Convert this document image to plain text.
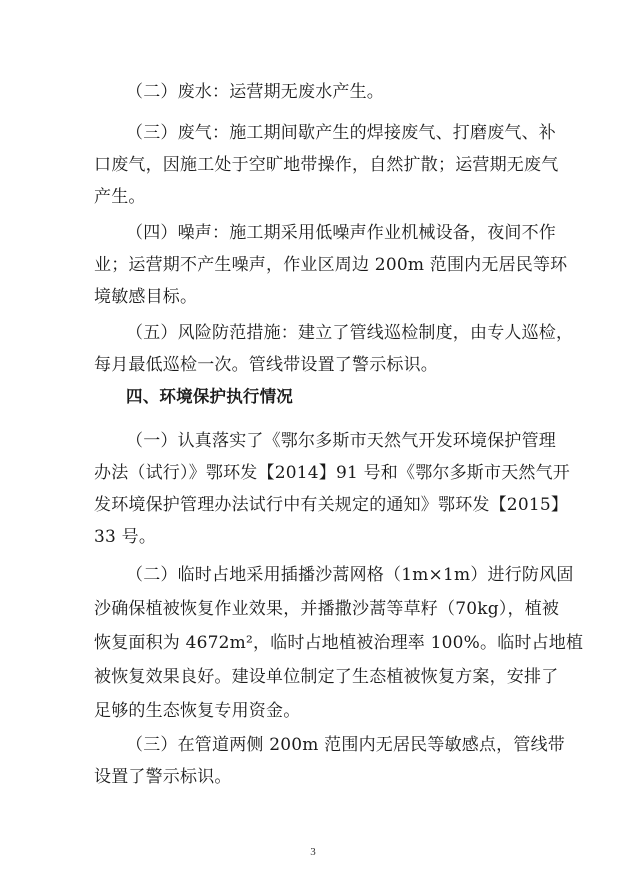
（二）废水：运营期无废水产生。
（三）废气：施工期间歇产生的焊接废气、打磨废气、补
口废气，因施工处于空旷地带操作，自然扩散；运营期无废气
产生。
（四）噪声：施工期采用低噪声作业机械设备，夜间不作
业；运营期不产生噪声，作业区周边 200m 范围内无居民等环
境敏感目标。
（五）风险防范措施：建立了管线巡检制度，由专人巡检，
每月最低巡检一次。管线带设置了警示标识。
四、环境保护执行情况
（一）认真落实了《鄂尔多斯市天然气开发环境保护管理
办法（试行）》鄂环发【2014】91 号和《鄂尔多斯市天然气开
发环境保护管理办法试行中有关规定的通知》鄂环发【2015】
33 号。
（二）临时占地采用插播沙蒿网格（1m×1m）进行防风固
沙确保植被恢复作业效果，并播撒沙蒿等草籽（70kg），植被
恢复面积为 4672m²，临时占地植被治理率 100%。临时占地植
被恢复效果良好。建设单位制定了生态植被恢复方案，安排了
足够的生态恢复专用资金。
（三）在管道两侧 200m 范围内无居民等敏感点，管线带
设置了警示标识。
3
